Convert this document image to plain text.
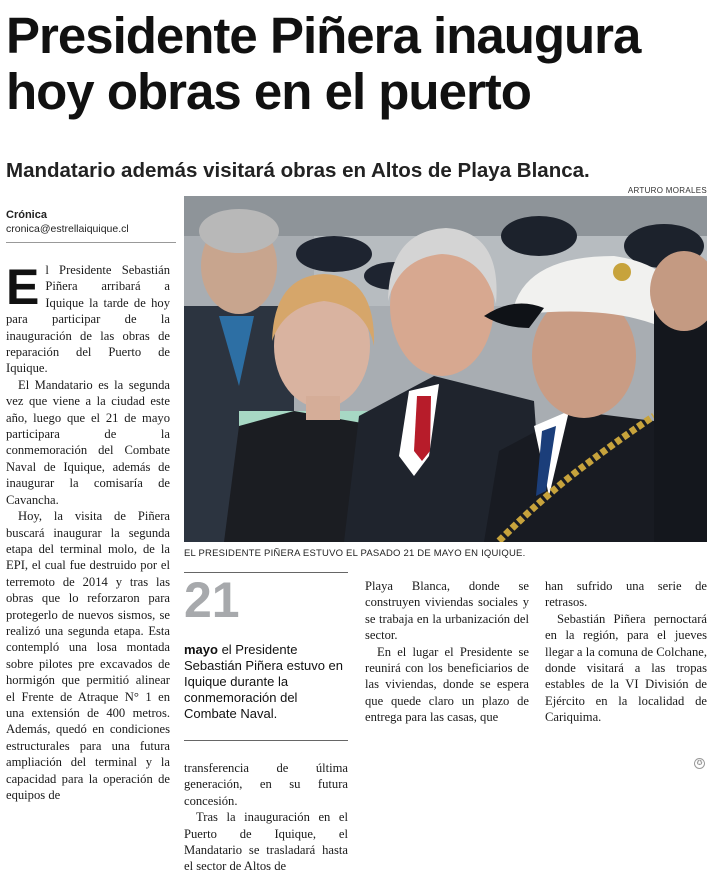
Presidente Piñera inaugura hoy obras en el puerto
Mandatario además visitará obras en Altos de Playa Blanca.
ARTURO MORALES
Crónica
cronica@estrellaiquique.cl
EL PRESIDENTE PIÑERA ESTUVO EL PASADO 21 DE MAYO EN IQUIQUE.

E l Presidente Sebastián Piñera arribará a Iquique la tarde de hoy para participar de la inauguración de las obras de reparación del Puerto de Iquique.

El Mandatario es la segunda vez que viene a la ciudad este año, luego que el 21 de mayo participara de la conmemoración del Combate Naval de Iquique, además de inaugurar la comisaría de Cavancha.

Hoy, la visita de Piñera buscará inaugurar la segunda etapa del terminal molo, de la EPI, el cual fue destruido por el terremoto de 2014 y tras las obras que lo reforzaron para protegerlo de nuevos sismos, se realizó una segunda etapa. Esta contempló una losa montada sobre pilotes pre excavados de hormigón que permitió alinear el Frente de Atraque N° 1 en una extensión de 400 metros. Además, quedó en condiciones estructurales para una futura ampliación del terminal y la capacidad para la operación de equipos de

21
mayo el Presidente Sebastián Piñera estuvo en Iquique durante la conmemoración del Combate Naval.

transferencia de última generación, en su futura concesión.

Tras la inauguración en el Puerto de Iquique, el Mandatario se trasladará hasta el sector de Altos de

Playa Blanca, donde se construyen viviendas sociales y se trabaja en la urbanización del sector.

En el lugar el Presidente se reunirá con los beneficiarios de las viviendas, donde se espera que quede claro un plazo de entrega para las casas, que

han sufrido una serie de retrasos.

Sebastián Piñera pernoctará en la región, para el jueves llegar a la comuna de Colchane, donde visitará a las tropas estables de la VI División de Ejército en la localidad de Cariquima.

✪
